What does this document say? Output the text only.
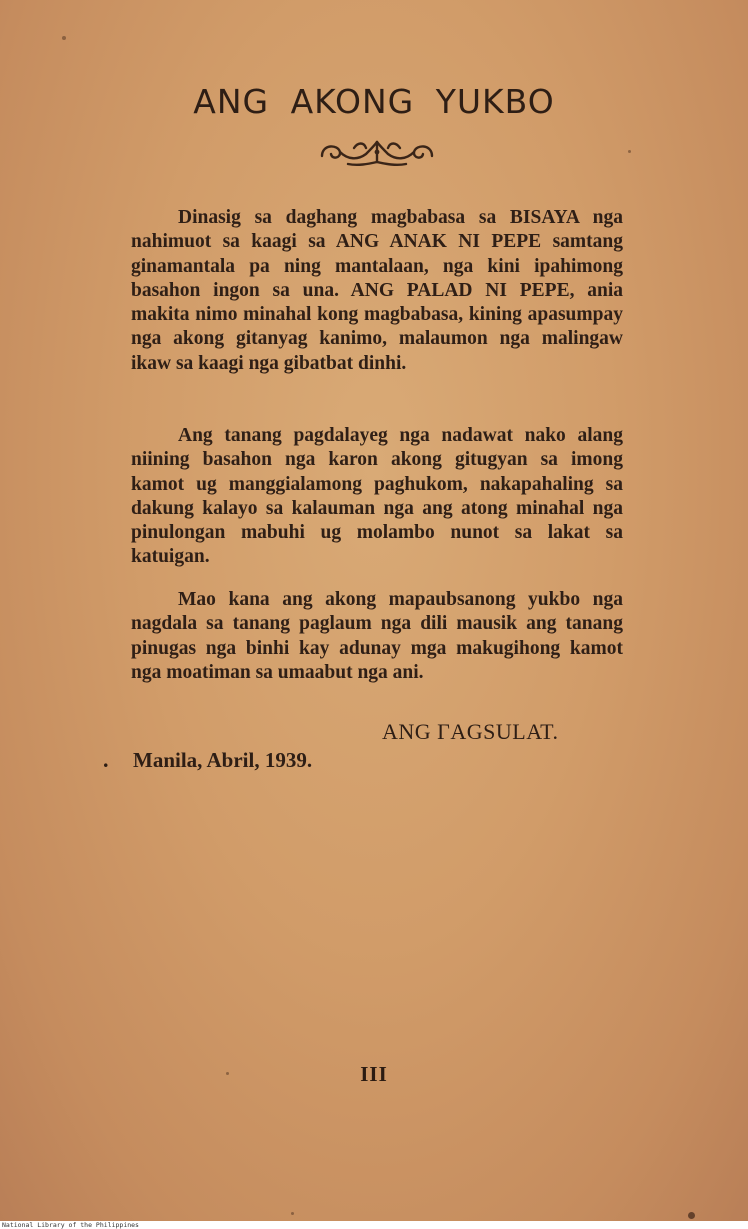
ANG AKONG YUKBO

Dinasig sa daghang magbabasa sa BISAYA nga nahimuot sa kaagi sa ANG ANAK NI PEPE samtang ginamantala pa ning mantalaan, nga kini ipahimong basahon ingon sa una. ANG PALAD NI PEPE, ania makita nimo minahal kong magbabasa, kining apasumpay nga akong gitanyag kanimo, malaumon nga malingaw ikaw sa kaagi nga gibatbat dinhi.

Ang tanang pagdalayeg nga nadawat nako alang niining basahon nga karon akong gitugyan sa imong kamot ug manggialamong paghukom, nakapahaling sa dakung kalayo sa kalauman nga ang atong minahal nga pinulongan mabuhi ug molambo nunot sa lakat sa katuigan.

Mao kana ang akong mapaubsanong yukbo nga nagdala sa tanang paglaum nga dili mausik ang tanang pinugas nga binhi kay adunay mga makugihong kamot nga moatiman sa umaabut nga ani.

ANG ΓAGSULAT.
. Manila, Abril, 1939.
III
National Library of the Philippines
